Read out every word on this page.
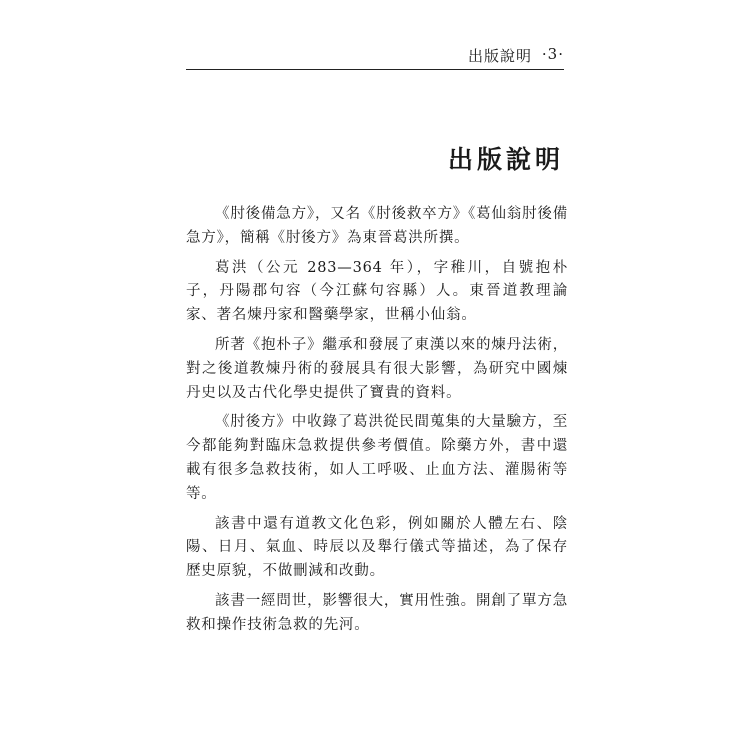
出版說明 ·3·
出版說明

《肘後備急方》，又名《肘後救卒方》《葛仙翁肘後備急方》，簡稱《肘後方》為東晉葛洪所撰。

葛洪（公元 283—364 年），字稚川，自號抱朴子，丹陽郡句容（今江蘇句容縣）人。東晉道教理論家、著名煉丹家和醫藥學家，世稱小仙翁。

所著《抱朴子》繼承和發展了東漢以來的煉丹法術，對之後道教煉丹術的發展具有很大影響，為研究中國煉丹史以及古代化學史提供了寶貴的資料。

《肘後方》中收錄了葛洪從民間蒐集的大量驗方，至今都能夠對臨床急救提供參考價值。除藥方外，書中還載有很多急救技術，如人工呼吸、止血方法、灌腸術等等。

該書中還有道教文化色彩，例如關於人體左右、陰陽、日月、氣血、時辰以及舉行儀式等描述，為了保存歷史原貌，不做刪減和改動。

該書一經問世，影響很大，實用性強。開創了單方急救和操作技術急救的先河。
